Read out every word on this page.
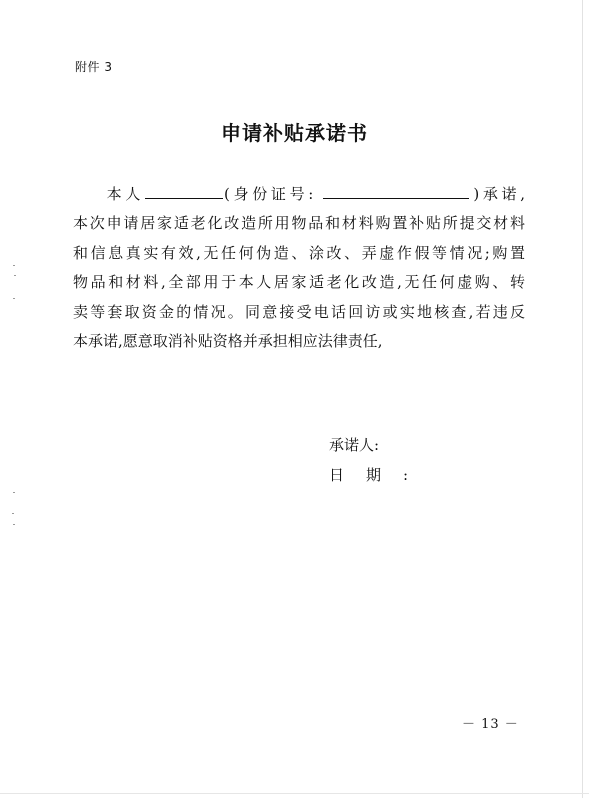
附件 3
申请补贴承诺书
  本人	(身份证号:	)承诺,
本次申请居家适老化改造所用物品和材料购置补贴所提交材料
和信息真实有效,无任何伪造、涂改、弄虚作假等情况;购置
物品和材料,全部用于本人居家适老化改造,无任何虚购、转
卖等套取资金的情况。同意接受电话回访或实地核查,若违反
本承诺,愿意取消补贴资格并承担相应法律责任,
承诺人:
日期:
－ 13 －
